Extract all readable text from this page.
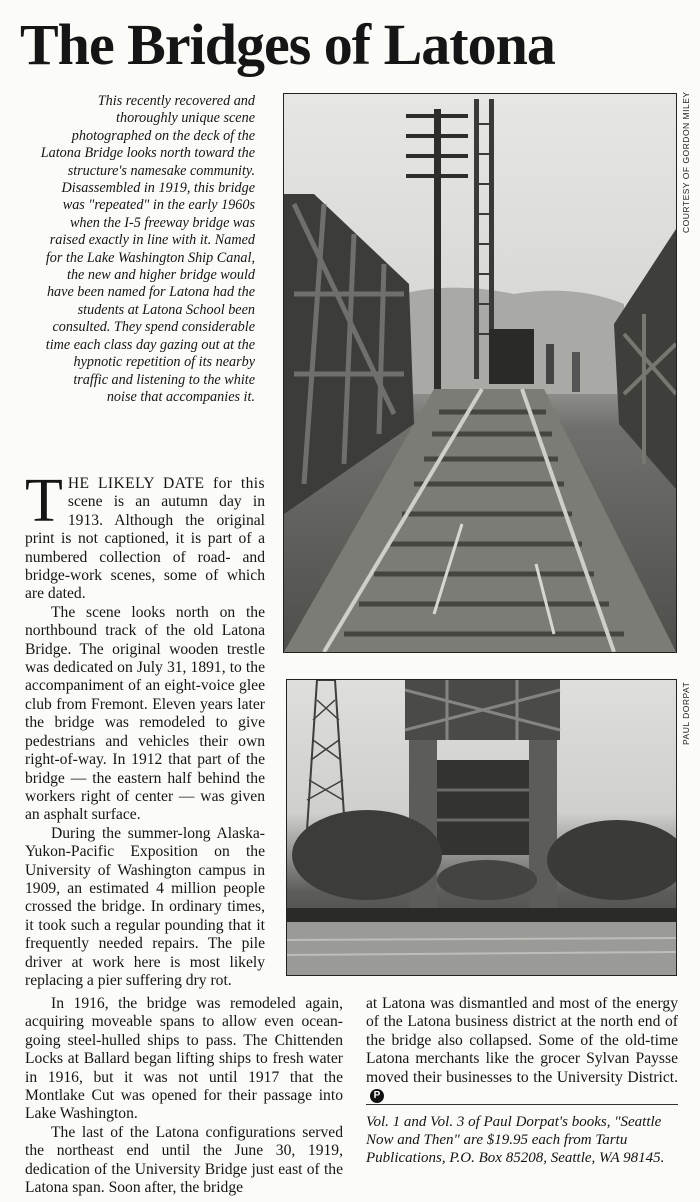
The Bridges of Latona

This recently recovered and thoroughly unique scene photographed on the deck of the Latona Bridge looks north toward the structure's namesake community. Disassembled in 1919, this bridge was "repeated" in the early 1960s when the I-5 freeway bridge was raised exactly in line with it. Named for the Lake Washington Ship Canal, the new and higher bridge would have been named for Latona had the students at Latona School been consulted. They spend considerable time each class day gazing out at the hypnotic repetition of its nearby traffic and listening to the white noise that accompanies it.

COURTESY OF GORDON MILEY
PAUL DORPAT

THE LIKELY DATE for this scene is an autumn day in 1913. Although the original print is not captioned, it is part of a numbered collection of road- and bridge-work scenes, some of which are dated.

The scene looks north on the northbound track of the old Latona Bridge. The original wooden trestle was dedicated on July 31, 1891, to the accompaniment of an eight-voice glee club from Fremont. Eleven years later the bridge was remodeled to give pedestrians and vehicles their own right-of-way. In 1912 that part of the bridge — the eastern half behind the workers right of center — was given an asphalt surface.

During the summer-long Alaska-Yukon-Pacific Exposition on the University of Washington campus in 1909, an estimated 4 million people crossed the bridge. In ordinary times, it took such a regular pounding that it frequently needed repairs. The pile driver at work here is most likely replacing a pier suffering dry rot.

In 1916, the bridge was remodeled again, acquiring moveable spans to allow even ocean-going steel-hulled ships to pass. The Chittenden Locks at Ballard began lifting ships to fresh water in 1916, but it was not until 1917 that the Montlake Cut was opened for their passage into Lake Washington.

The last of the Latona configurations served the northeast end until the June 30, 1919, dedication of the University Bridge just east of the Latona span. Soon after, the bridge

at Latona was dismantled and most of the energy of the Latona business district at the north end of the bridge also collapsed. Some of the old-time Latona merchants like the grocer Sylvan Paysse moved their businesses to the University District.P

Vol. 1 and Vol. 3 of Paul Dorpat's books, "Seattle Now and Then" are $19.95 each from Tartu Publications, P.O. Box 85208, Seattle, WA 98145.
